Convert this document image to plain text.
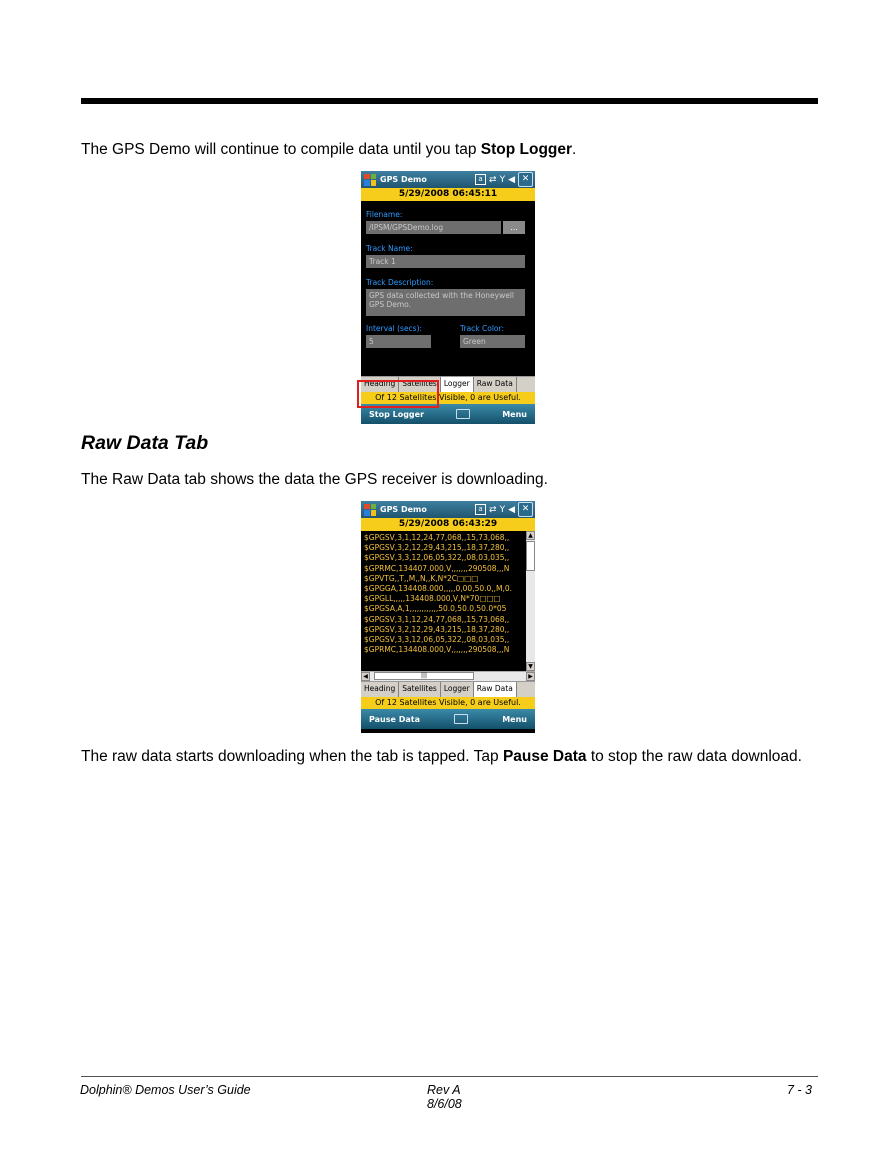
The GPS Demo will continue to compile data until you tap Stop Logger.
GPS Demo	a ⇄ Y ◀ ✕
5/29/2008 06:45:11
Filename:
/IPSM/GPSDemo.log	...
Track Name:
Track 1
Track Description:
GPS data collected with the Honeywell GPS Demo.
Interval (secs):
5
Track Color:
Green
Heading Satellites Logger Raw Data
Of 12 Satellites Visible, 0 are Useful.
Stop Logger	Menu
Raw Data Tab
The Raw Data tab shows the data the GPS receiver is downloading.
GPS Demo	a ⇄ Y ◀ ✕
5/29/2008 06:43:29
$GPGSV,3,1,12,24,77,068,,15,73,068,,
$GPGSV,3,2,12,29,43,215,,18,37,280,,
$GPGSV,3,3,12,06,05,322,,08,03,035,,
$GPRMC,134407.000,V,,,,,,,290508,,,N
$GPVTG,,T,,M,,N,,K,N*2C□□□
$GPGGA,134408.000,,,,,0,00,50.0,,M,0.
$GPGLL,,,,,134408.000,V,N*70□□□
$GPGSA,A,1,,,,,,,,,,,,50.0,50.0,50.0*05
$GPGSV,3,1,12,24,77,068,,15,73,068,,
$GPGSV,3,2,12,29,43,215,,18,37,280,,
$GPGSV,3,3,12,06,05,322,,08,03,035,,
$GPRMC,134408.000,V,,,,,,,290508,,,N
▲
▼
◀	|||	▶
Heading Satellites Logger Raw Data
Of 12 Satellites Visible, 0 are Useful.
Pause Data	Menu
The raw data starts downloading when the tab is tapped. Tap Pause Data to stop the raw data download.
Dolphin® Demos User’s Guide	Rev A
8/6/08
7 - 3
